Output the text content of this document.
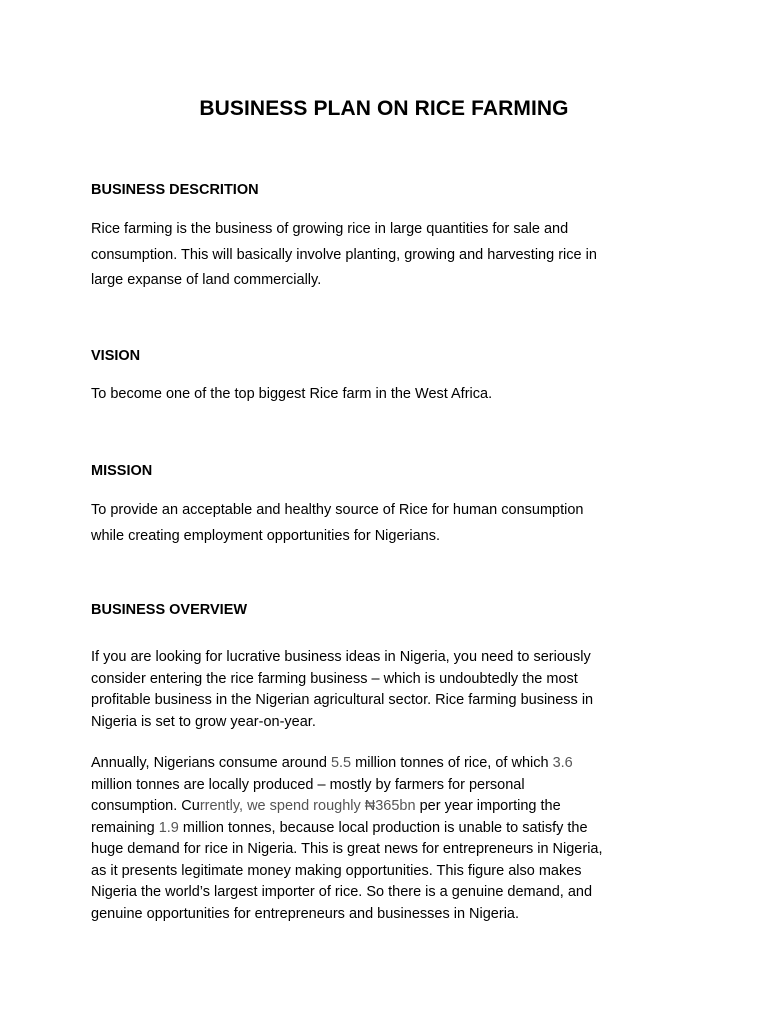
BUSINESS PLAN ON RICE FARMING
BUSINESS DESCRITION
Rice farming is the business of growing rice in large quantities for sale and
consumption. This will basically involve planting, growing and harvesting rice in
large expanse of land commercially.
VISION
To become one of the top biggest Rice farm in the West Africa.
MISSION
To provide an acceptable and healthy source of Rice for human consumption
while creating employment opportunities for Nigerians.
BUSINESS OVERVIEW
If you are looking for lucrative business ideas in Nigeria, you need to seriously
consider entering the rice farming business – which is undoubtedly the most
profitable business in the Nigerian agricultural sector. Rice farming business in
Nigeria is set to grow year-on-year.
Annually, Nigerians consume around 5.5 million tonnes of rice, of which 3.6
million tonnes are locally produced – mostly by farmers for personal
consumption. Currently, we spend roughly ₦365bn per year importing the
remaining 1.9 million tonnes, because local production is unable to satisfy the
huge demand for rice in Nigeria. This is great news for entrepreneurs in Nigeria,
as it presents legitimate money making opportunities. This figure also makes
Nigeria the world’s largest importer of rice. So there is a genuine demand, and
genuine opportunities for entrepreneurs and businesses in Nigeria.
